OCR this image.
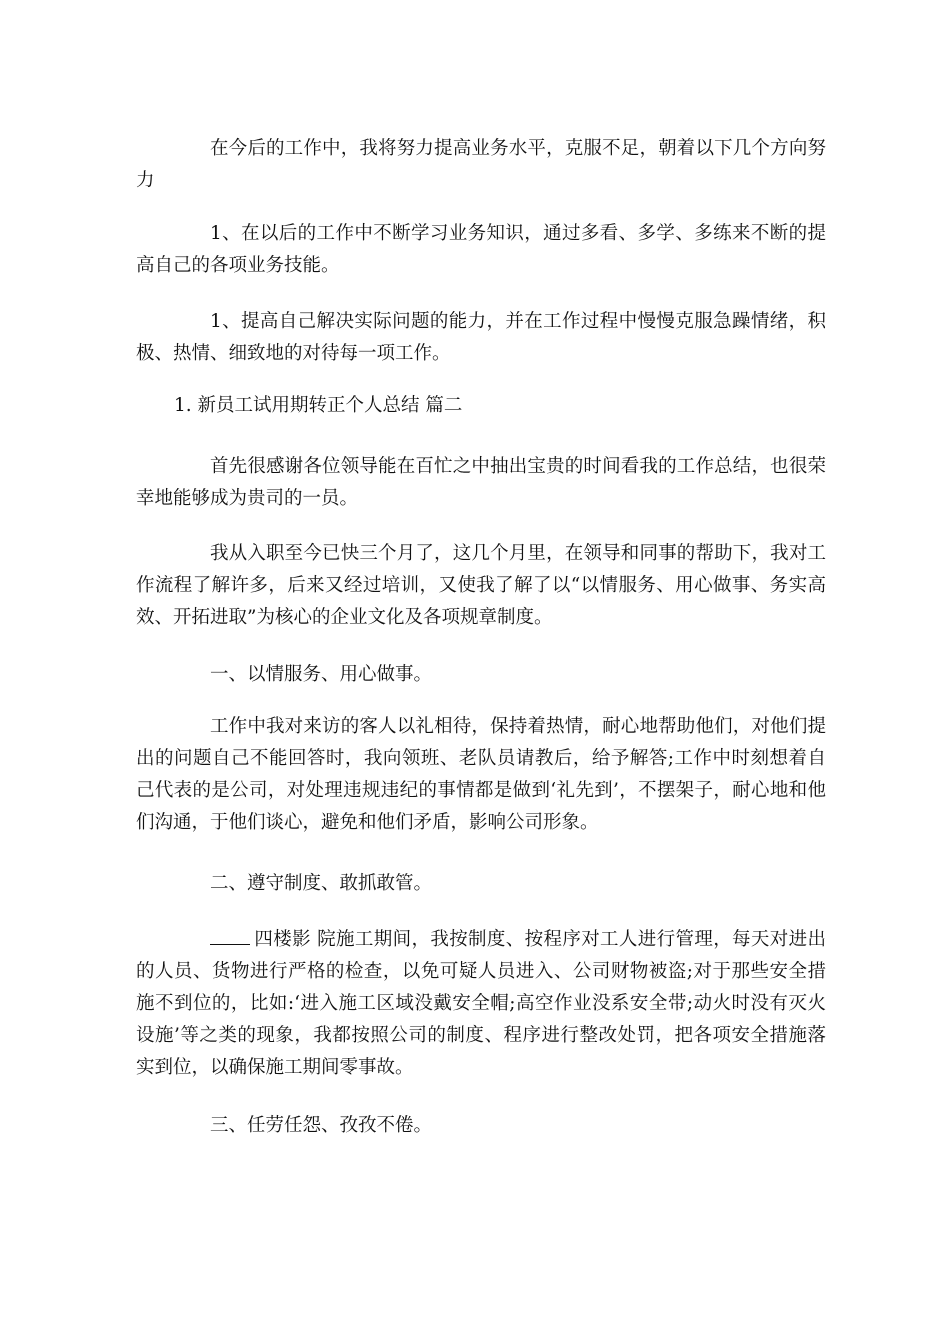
在今后的工作中，我将努力提高业务水平，克服不足，朝着以下几个方向努力

1、在以后的工作中不断学习业务知识，通过多看、多学、多练来不断的提高自己的各项业务技能。

1、提高自己解决实际问题的能力，并在工作过程中慢慢克服急躁情绪，积极、热情、细致地的对待每一项工作。

1. 新员工试用期转正个人总结 篇二

首先很感谢各位领导能在百忙之中抽出宝贵的时间看我的工作总结，也很荣幸地能够成为贵司的一员。

我从入职至今已快三个月了，这几个月里，在领导和同事的帮助下，我对工作流程了解许多，后来又经过培训，又使我了解了以“以情服务、用心做事、务实高效、开拓进取”为核心的企业文化及各项规章制度。

一、以情服务、用心做事。

工作中我对来访的客人以礼相待，保持着热情，耐心地帮助他们，对他们提出的问题自己不能回答时，我向领班、老队员请教后，给予解答;工作中时刻想着自己代表的是公司，对处理违规违纪的事情都是做到‘礼先到’，不摆架子，耐心地和他们沟通，于他们谈心，避免和他们矛盾，影响公司形象。

二、遵守制度、敢抓敢管。

四楼影 院施工期间，我按制度、按程序对工人进行管理，每天对进出的人员、货物进行严格的检查，以免可疑人员进入、公司财物被盗;对于那些安全措施不到位的，比如:‘进入施工区域没戴安全帽;高空作业没系安全带;动火时没有灭火设施’等之类的现象，我都按照公司的制度、程序进行整改处罚，把各项安全措施落实到位，以确保施工期间零事故。

三、任劳任怨、孜孜不倦。
